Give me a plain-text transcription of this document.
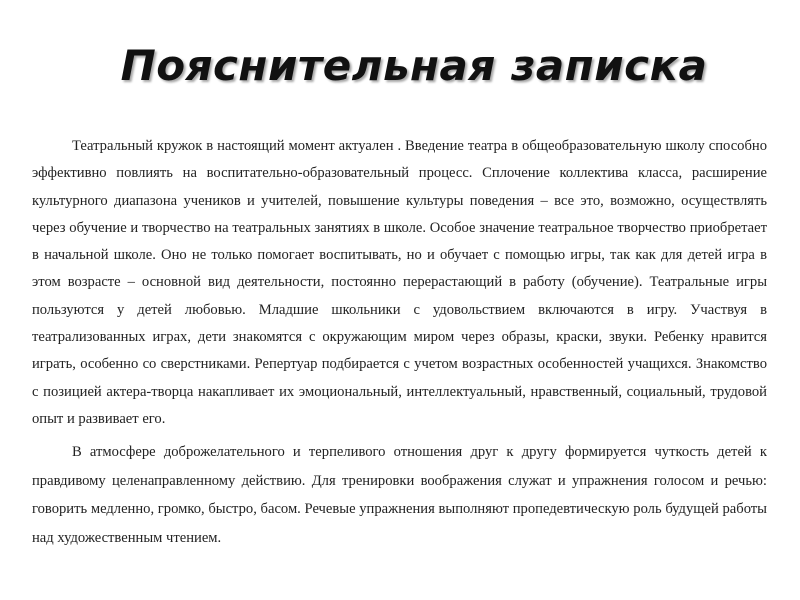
Пояснительная записка

Театральный кружок в настоящий момент актуален . Введение театра в общеобразовательную школу способно эффективно повлиять на воспитательно-образовательный процесс. Сплочение коллектива класса, расширение культурного диапазона учеников и учителей, повышение культуры поведения – все это, возможно, осуществлять через обучение и творчество на театральных занятиях в школе. Особое значение театральное творчество приобретает в начальной школе. Оно не только помогает воспитывать, но и обучает с помощью игры, так как для детей игра в этом возрасте – основной вид деятельности, постоянно перерастающий в работу (обучение). Театральные игры пользуются у детей любовью. Младшие школьники с удовольствием включаются в игру. Участвуя в театрализованных играх, дети знакомятся с окружающим миром через образы, краски, звуки. Ребенку нравится играть, особенно со сверстниками. Репертуар подбирается с учетом возрастных особенностей учащихся. Знакомство с позицией актера-творца накапливает их эмоциональный, интеллектуальный, нравственный, социальный, трудовой опыт и развивает его.

В атмосфере доброжелательного и терпеливого отношения друг к другу формируется чуткость детей к правдивому целенаправленному действию. Для тренировки воображения служат и упражнения голосом и речью: говорить медленно, громко, быстро, басом. Речевые упражнения выполняют пропедевтическую роль будущей работы над художественным чтением.
